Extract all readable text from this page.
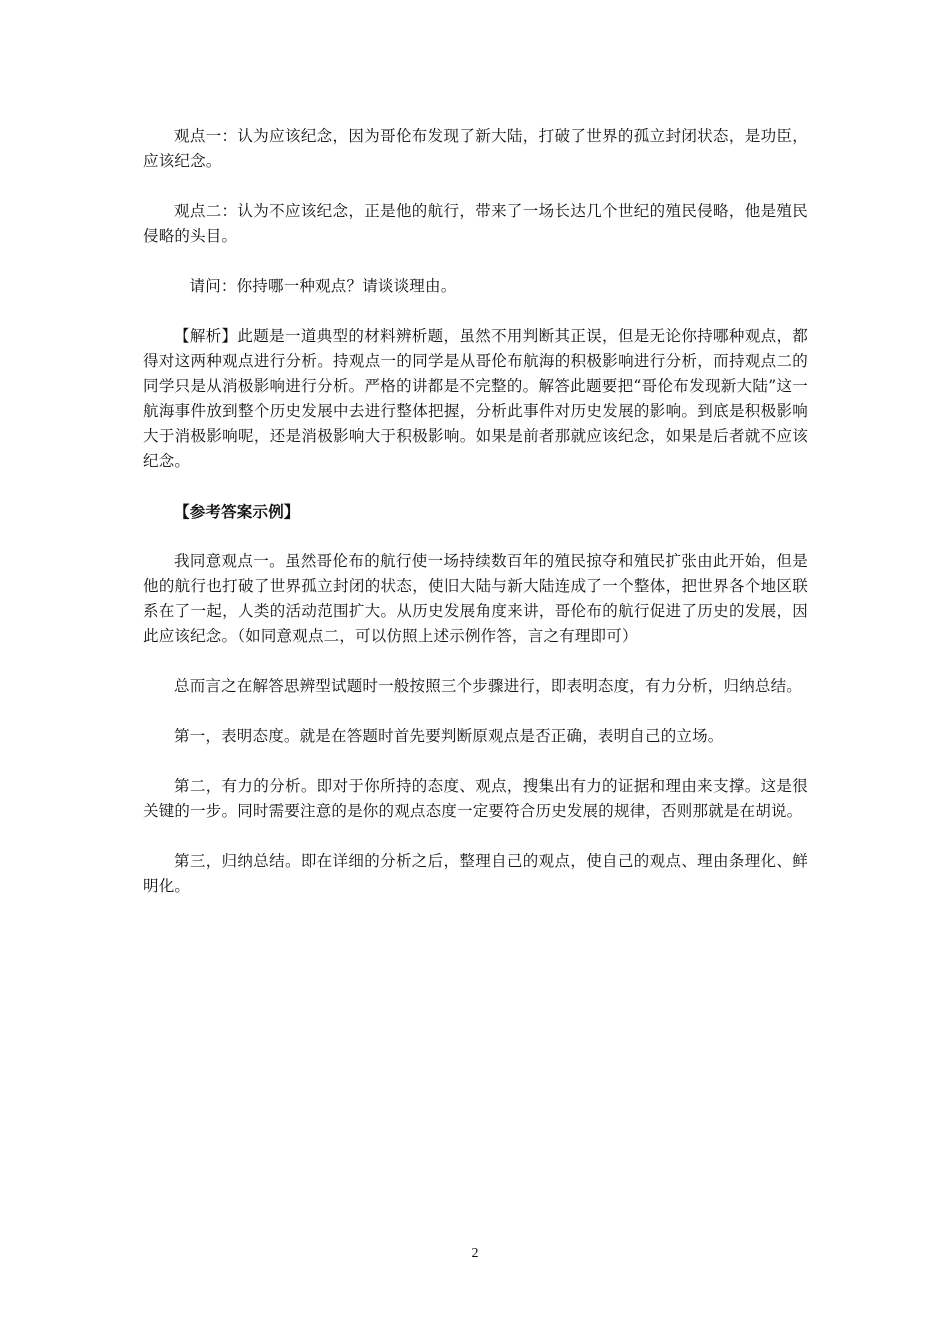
观点一：认为应该纪念，因为哥伦布发现了新大陆，打破了世界的孤立封闭状态，是功臣，应该纪念。

观点二：认为不应该纪念，正是他的航行，带来了一场长达几个世纪的殖民侵略，他是殖民侵略的头目。

请问：你持哪一种观点？请谈谈理由。

【解析】此题是一道典型的材料辨析题，虽然不用判断其正误，但是无论你持哪种观点，都得对这两种观点进行分析。持观点一的同学是从哥伦布航海的积极影响进行分析，而持观点二的同学只是从消极影响进行分析。严格的讲都是不完整的。解答此题要把“哥伦布发现新大陆”这一航海事件放到整个历史发展中去进行整体把握，分析此事件对历史发展的影响。到底是积极影响大于消极影响呢，还是消极影响大于积极影响。如果是前者那就应该纪念，如果是后者就不应该纪念。

【参考答案示例】

我同意观点一。虽然哥伦布的航行使一场持续数百年的殖民掠夺和殖民扩张由此开始，但是他的航行也打破了世界孤立封闭的状态，使旧大陆与新大陆连成了一个整体，把世界各个地区联系在了一起，人类的活动范围扩大。从历史发展角度来讲，哥伦布的航行促进了历史的发展，因此应该纪念。（如同意观点二，可以仿照上述示例作答，言之有理即可）

总而言之在解答思辨型试题时一般按照三个步骤进行，即表明态度，有力分析，归纳总结。

第一，表明态度。就是在答题时首先要判断原观点是否正确，表明自己的立场。

第二，有力的分析。即对于你所持的态度、观点，搜集出有力的证据和理由来支撑。这是很关键的一步。同时需要注意的是你的观点态度一定要符合历史发展的规律，否则那就是在胡说。

第三，归纳总结。即在详细的分析之后，整理自己的观点，使自己的观点、理由条理化、鲜明化。

2
